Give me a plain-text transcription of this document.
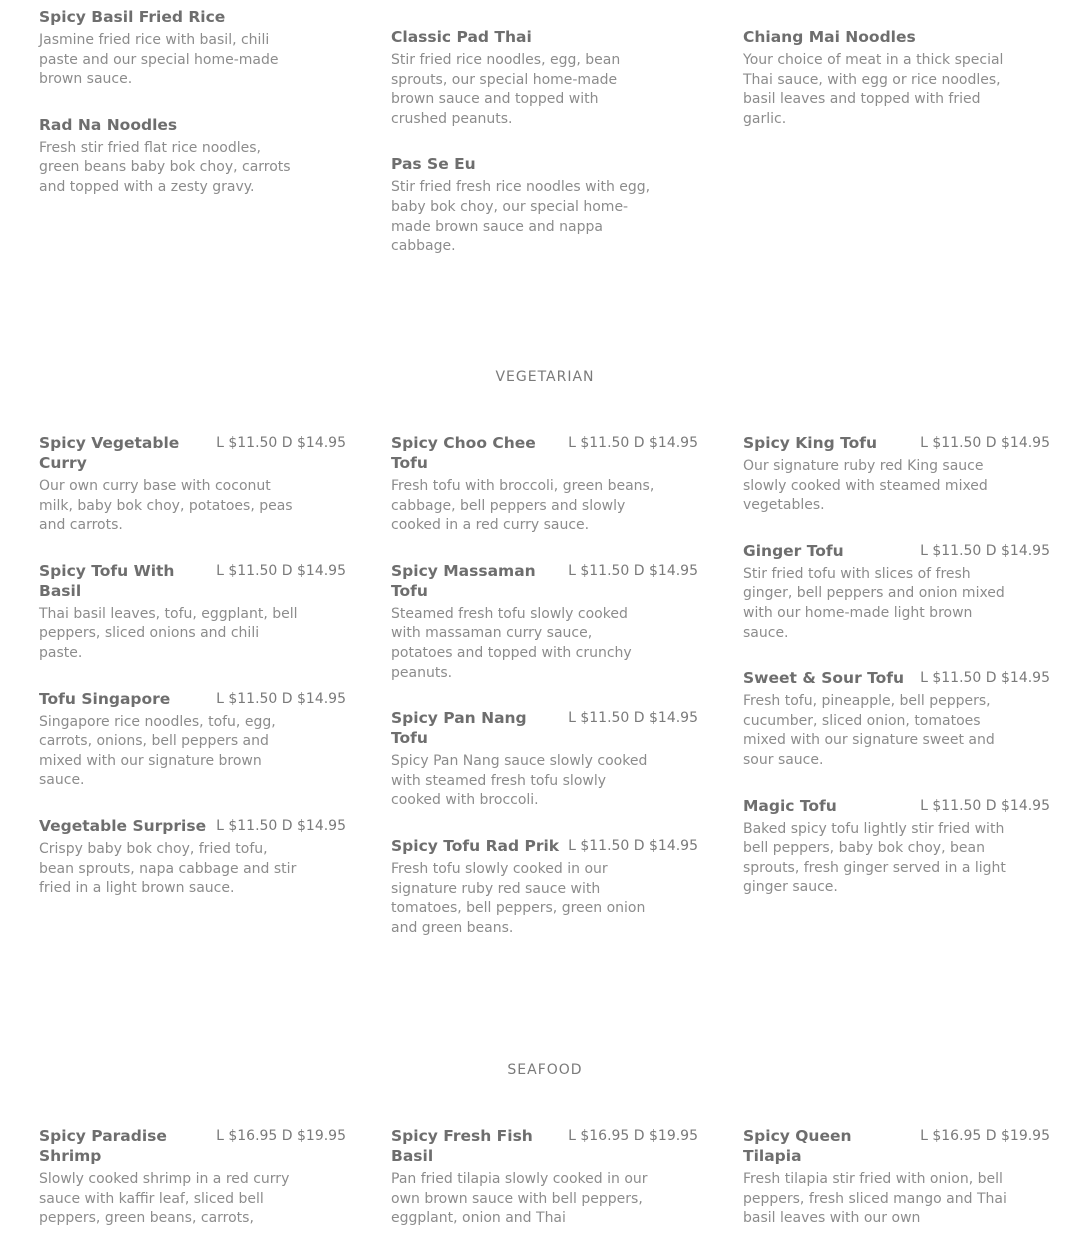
Spicy Basil Fried Rice
Jasmine fried rice with basil, chili paste and our special home-made brown sauce.
Rad Na Noodles
Fresh stir fried flat rice noodles, green beans baby bok choy, carrots and topped with a zesty gravy.
Classic Pad Thai
Stir fried rice noodles, egg, bean sprouts, our special home-made brown sauce and topped with crushed peanuts.
Pas Se Eu
Stir fried fresh rice noodles with egg, baby bok choy, our special home-made brown sauce and nappa cabbage.
Chiang Mai Noodles
Your choice of meat in a thick special Thai sauce, with egg or rice noodles, basil leaves and topped with fried garlic.
VEGETARIAN
Spicy Vegetable Curry
L $11.50 D $14.95
Our own curry base with coconut milk, baby bok choy, potatoes, peas and carrots.
Spicy Tofu With Basil
L $11.50 D $14.95
Thai basil leaves, tofu, eggplant, bell peppers, sliced onions and chili paste.
Tofu Singapore	L $11.50 D $14.95
Singapore rice noodles, tofu, egg, carrots, onions, bell peppers and mixed with our signature brown sauce.
Vegetable Surprise L $11.50 D $14.95
Crispy baby bok choy, fried tofu, bean sprouts, napa cabbage and stir fried in a light brown sauce.
Spicy Choo Chee Tofu
L $11.50 D $14.95
Fresh tofu with broccoli, green beans, cabbage, bell peppers and slowly cooked in a red curry sauce.
Spicy Massaman Tofu
L $11.50 D $14.95
Steamed fresh tofu slowly cooked with massaman curry sauce, potatoes and topped with crunchy peanuts.
Spicy Pan Nang Tofu
L $11.50 D $14.95
Spicy Pan Nang sauce slowly cooked with steamed fresh tofu slowly cooked with broccoli.
Spicy Tofu Rad Prik L $11.50 D $14.95
Fresh tofu slowly cooked in our signature ruby red sauce with tomatoes, bell peppers, green onion and green beans.
Spicy King Tofu	L $11.50 D $14.95
Our signature ruby red King sauce slowly cooked with steamed mixed vegetables.
Ginger Tofu	L $11.50 D $14.95
Stir fried tofu with slices of fresh ginger, bell peppers and onion mixed with our home-made light brown sauce.
Sweet & Sour Tofu L $11.50 D $14.95
Fresh tofu, pineapple, bell peppers, cucumber, sliced onion, tomatoes mixed with our signature sweet and sour sauce.
Magic Tofu	L $11.50 D $14.95
Baked spicy tofu lightly stir fried with bell peppers, baby bok choy, bean sprouts, fresh ginger served in a light ginger sauce.
SEAFOOD
Spicy Paradise Shrimp
L $16.95 D $19.95
Slowly cooked shrimp in a red curry sauce with kaffir leaf, sliced bell peppers, green beans, carrots,
Spicy Fresh Fish Basil
L $16.95 D $19.95
Pan fried tilapia slowly cooked in our own brown sauce with bell peppers, eggplant, onion and Thai
Spicy Queen Tilapia
L $16.95 D $19.95
Fresh tilapia stir fried with onion, bell peppers, fresh sliced mango and Thai basil leaves with our own
